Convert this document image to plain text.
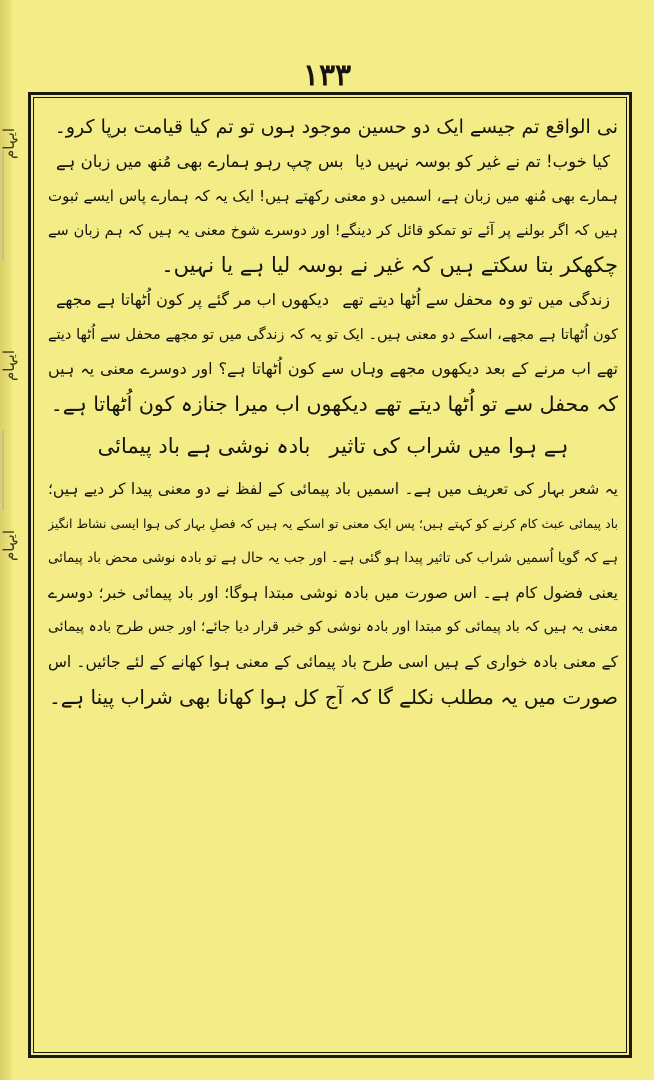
ایہام
ایہام
ایہام
١٣٣
نی الواقع تم جیسے ایک دو حسین موجود ہوں تو تم کیا قیامت برپا کرو۔
کیا خوب! تم نے غیر کو بوسہ نہیں دیا
بس چپ رہو ہمارے بھی مُنھ میں زبان ہے
ہمارے بھی مُنھ میں زبان ہے، اسمیں دو معنی رکھتے ہیں! ایک یہ کہ ہمارے پاس ایسے ثبوت
ہیں کہ اگر بولنے پر آئے تو تمکو قائل کر دینگے! اور دوسرے شوخ معنی یہ ہیں کہ ہم زبان سے
چکھکر بتا سکتے ہیں کہ غیر نے بوسہ لیا ہے یا نہیں۔
زندگی میں تو وہ محفل سے اُٹھا دیتے تھے
دیکھوں اب مر گئے پر کون اُٹھاتا ہے مجھے
کون اُٹھاتا ہے مجھے، اسکے دو معنی ہیں۔ ایک تو یہ کہ زندگی میں تو مجھے محفل سے اُٹھا دیتے
تھے اب مرنے کے بعد دیکھوں مجھے وہاں سے کون اُٹھاتا ہے؟ اور دوسرے معنی یہ ہیں
کہ محفل سے تو اُٹھا دیتے تھے دیکھوں اب میرا جنازہ کون اُٹھاتا ہے۔
ہے ہوا میں شراب کی تاثیر
بادہ نوشی ہے باد پیمائی
یہ شعر بہار کی تعریف میں ہے۔ اسمیں باد پیمائی کے لفظ نے دو معنی پیدا کر دیے ہیں؛
باد پیمائی عبث کام کرنے کو کہتے ہیں؛ پس ایک معنی تو اسکے یہ ہیں کہ فصلِ بہار کی ہوا ایسی نشاط انگیز
ہے کہ گویا اُسمیں شراب کی تاثیر پیدا ہو گئی ہے۔ اور جب یہ حال ہے تو بادہ نوشی محض باد پیمائی
یعنی فضول کام ہے۔ اس صورت میں بادہ نوشی مبتدا ہوگا؛ اور باد پیمائی خبر؛ دوسرے
معنی یہ ہیں کہ باد پیمائی کو مبتدا اور بادہ نوشی کو خبر قرار دیا جائے؛ اور جس طرح بادہ پیمائی
کے معنی بادہ خواری کے ہیں اسی طرح باد پیمائی کے معنی ہوا کھانے کے لئے جائیں۔ اس
صورت میں یہ مطلب نکلے گا کہ آج کل ہوا کھانا بھی شراب پینا ہے۔
